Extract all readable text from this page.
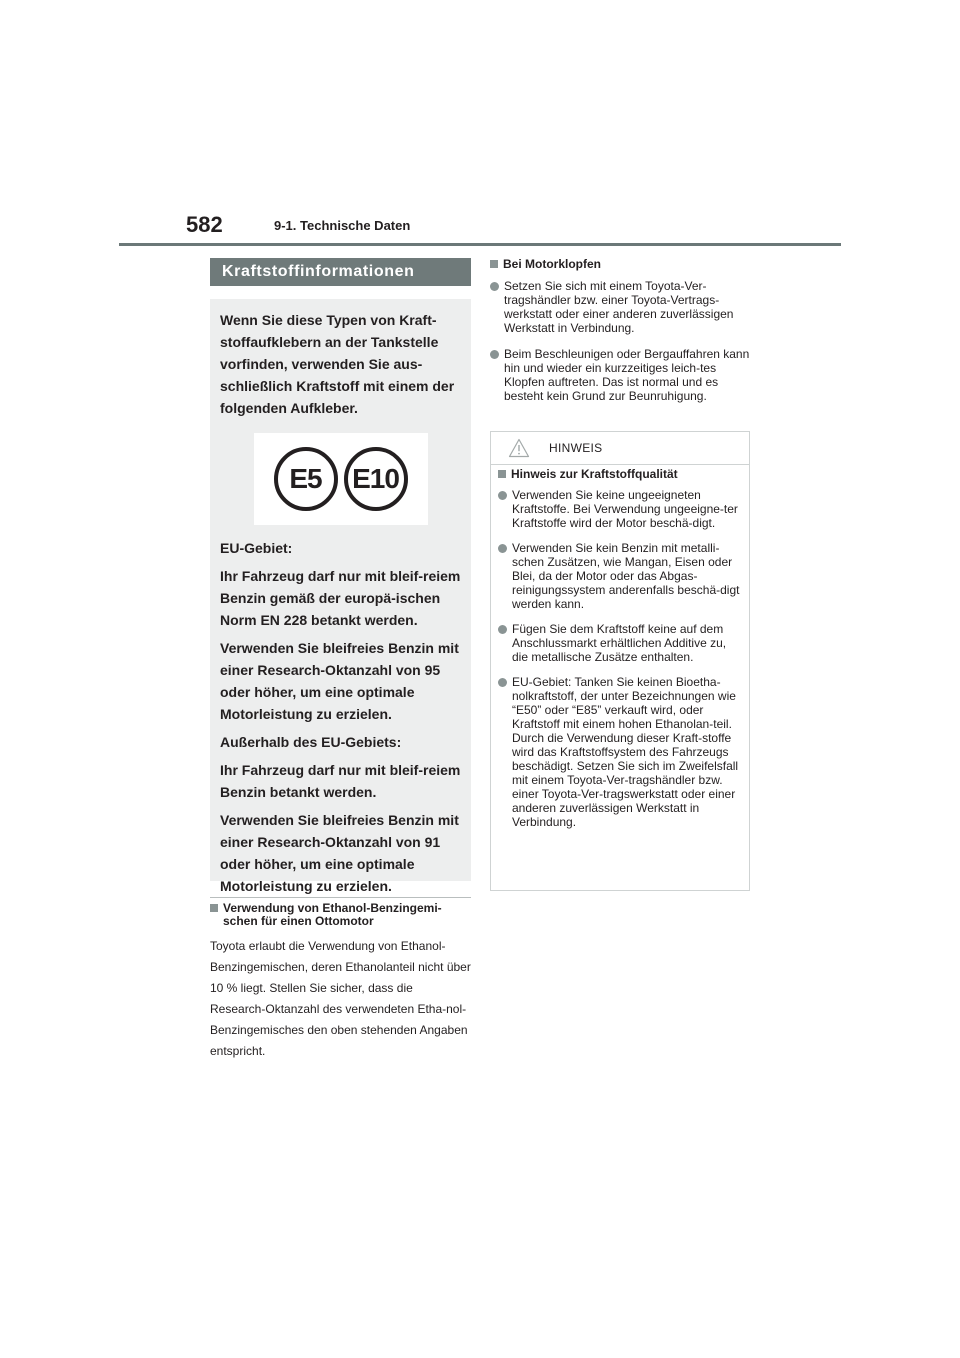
582	9-1. Technische Daten
Kraftstoffinformationen

Wenn Sie diese Typen von Kraft-stoffaufklebern an der Tankstelle vorfinden, verwenden Sie aus-schließlich Kraftstoff mit einem der folgenden Aufkleber.

E5	E10

EU-Gebiet:

Ihr Fahrzeug darf nur mit bleif-reiem Benzin gemäß der europä-ischen Norm EN 228 betankt werden.

Verwenden Sie bleifreies Benzin mit einer Research-Oktanzahl von 95 oder höher, um eine optimale Motorleistung zu erzielen.

Außerhalb des EU-Gebiets:

Ihr Fahrzeug darf nur mit bleif-reiem Benzin betankt werden.

Verwenden Sie bleifreies Benzin mit einer Research-Oktanzahl von 91 oder höher, um eine optimale Motorleistung zu erzielen.

Verwendung von Ethanol-Benzingemi-schen für einen Ottomotor
Toyota erlaubt die Verwendung von Ethanol-Benzingemischen, deren Ethanolanteil nicht über 10 % liegt. Stellen Sie sicher, dass die Research-Oktanzahl des verwendeten Etha-nol-Benzingemisches den oben stehenden Angaben entspricht.
Bei Motorklopfen
Setzen Sie sich mit einem Toyota-Ver-tragshändler bzw. einer Toyota-Vertrags-werkstatt oder einer anderen zuverlässigen Werkstatt in Verbindung.
Beim Beschleunigen oder Bergauffahren kann hin und wieder ein kurzzeitiges leich-tes Klopfen auftreten. Das ist normal und es besteht kein Grund zur Beunruhigung.
HINWEIS
Hinweis zur Kraftstoffqualität
Verwenden Sie keine ungeeigneten Kraftstoffe. Bei Verwendung ungeeigne-ter Kraftstoffe wird der Motor beschä-digt.
Verwenden Sie kein Benzin mit metalli-schen Zusätzen, wie Mangan, Eisen oder Blei, da der Motor oder das Abgas-reinigungssystem anderenfalls beschä-digt werden kann.
Fügen Sie dem Kraftstoff keine auf dem Anschlussmarkt erhältlichen Additive zu, die metallische Zusätze enthalten.
EU-Gebiet: Tanken Sie keinen Bioetha-nolkraftstoff, der unter Bezeichnungen wie “E50” oder “E85” verkauft wird, oder Kraftstoff mit einem hohen Ethanolan-teil. Durch die Verwendung dieser Kraft-stoffe wird das Kraftstoffsystem des Fahrzeugs beschädigt. Setzen Sie sich im Zweifelsfall mit einem Toyota-Ver-tragshändler bzw. einer Toyota-Ver-tragswerkstatt oder einer anderen zuverlässigen Werkstatt in Verbindung.
